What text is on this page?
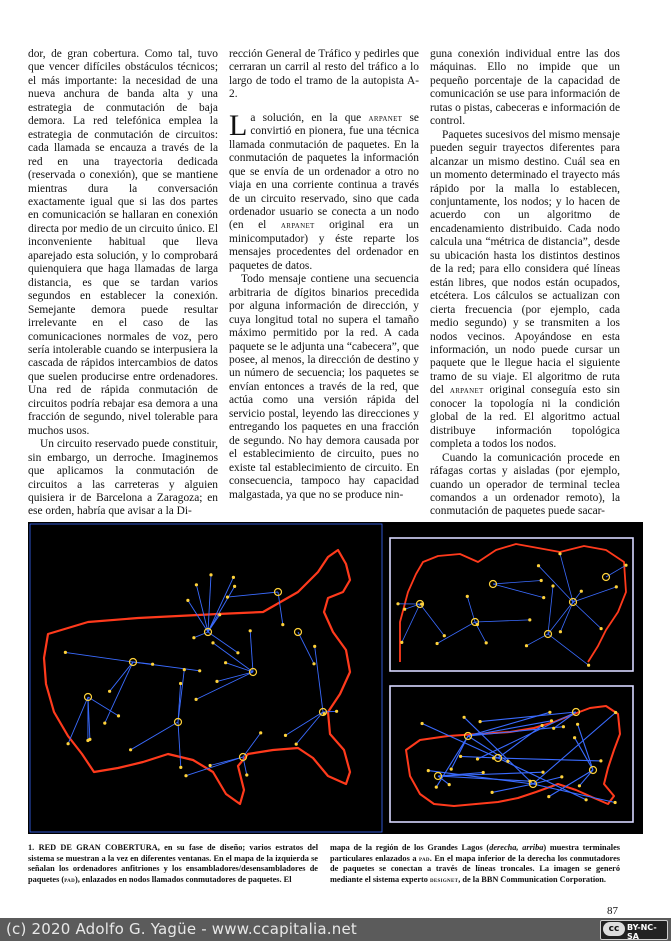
dor, de gran cobertura. Como tal, tuvo que vencer difíciles obstáculos técnicos; el más importante: la necesidad de una nueva anchura de banda alta y una estrategia de conmutación de baja demora. La red telefónica emplea la estrategia de conmutación de circuitos: cada llamada se encauza a través de la red en una trayectoria dedicada (reservada o conexión), que se mantiene mientras dura la conversación exactamente igual que si las dos partes en comunicación se hallaran en conexión directa por medio de un circuito único. El inconveniente habitual que lleva aparejado esta solución, y lo comprobará quienquiera que haga llamadas de larga distancia, es que se tardan varios segundos en establecer la conexión. Semejante demora puede resultar irrelevante en el caso de las comunicaciones normales de voz, pero sería intolerable cuando se interpusiera la cascada de rápidos intercambios de datos que suelen producirse entre ordenadores. Una red de rápida conmutación de circuitos podría rebajar esa demora a una fracción de segundo, nivel tolerable para muchos usos.

Un circuito reservado puede constituir, sin embargo, un derroche. Imaginemos que aplicamos la conmutación de circuitos a las carreteras y alguien quisiera ir de Barcelona a Zaragoza; en ese orden, habría que avisar a la Di-

rección General de Tráfico y pedirles que cerraran un carril al resto del tráfico a lo largo de todo el tramo de la autopista A-2.

La solución, en la que arpanet se convirtió en pionera, fue una técnica llamada conmutación de paquetes. En la conmutación de paquetes la información que se envía de un ordenador a otro no viaja en una corriente continua a través de un circuito reservado, sino que cada ordenador usuario se conecta a un nodo (en el arpanet original era un minicomputador) y éste reparte los mensajes procedentes del ordenador en paquetes de datos.

Todo mensaje contiene una secuencia arbitraria de dígitos binarios precedida por alguna información de dirección, y cuya longitud total no supera el tamaño máximo permitido por la red. A cada paquete se le adjunta una “cabecera”, que posee, al menos, la dirección de destino y un número de secuencia; los paquetes se envían entonces a través de la red, que actúa como una versión rápida del servicio postal, leyendo las direcciones y entregando los paquetes en una fracción de segundo. No hay demora causada por el establecimiento de circuito, pues no existe tal establecimiento de circuito. En consecuencia, tampoco hay capacidad malgastada, ya que no se produce nin-

guna conexión individual entre las dos máquinas. Ello no impide que un pequeño porcentaje de la capacidad de comunicación se use para información de rutas o pistas, cabeceras e información de control.

Paquetes sucesivos del mismo mensaje pueden seguir trayectos diferentes para alcanzar un mismo destino. Cuál sea en un momento determinado el trayecto más rápido por la malla lo establecen, conjuntamente, los nodos; y lo hacen de acuerdo con un algoritmo de encadenamiento distribuido. Cada nodo calcula una “métrica de distancia”, desde su ubicación hasta los distintos destinos de la red; para ello considera qué líneas están libres, que nodos están ocupados, etcétera. Los cálculos se actualizan con cierta frecuencia (por ejemplo, cada medio segundo) y se transmiten a los nodos vecinos. Apoyándose en esta información, un nodo puede cursar un paquete que le llegue hacia el siguiente tramo de su viaje. El algoritmo de ruta del arpanet original conseguía esto sin conocer la topología ni la condición global de la red. El algoritmo actual distribuye información topológica completa a todos los nodos.

Cuando la comunicación procede en ráfagas cortas y aisladas (por ejemplo, cuando un operador de terminal teclea comandos a un ordenador remoto), la conmutación de paquetes puede sacar-

1. RED DE GRAN COBERTURA, en su fase de diseño; varios estratos del sistema se muestran a la vez en diferentes ventanas. En el mapa de la izquierda se señalan los ordenadores anfitriones y los ensambladores/desensambladores de paquetes (pad), enlazados en nodos llamados conmutadores de paquetes. El
mapa de la región de los Grandes Lagos (derecha, arriba) muestra terminales particulares enlazados a pad. En el mapa inferior de la derecha los conmutadores de paquetes se conectan a través de líneas troncales. La imagen se generó mediante el sistema experto designet, de la BBN Communication Corporation.
87
(c) 2020 Adolfo G. Yagüe - www.ccapitalia.net	cc BY-NC-SA
